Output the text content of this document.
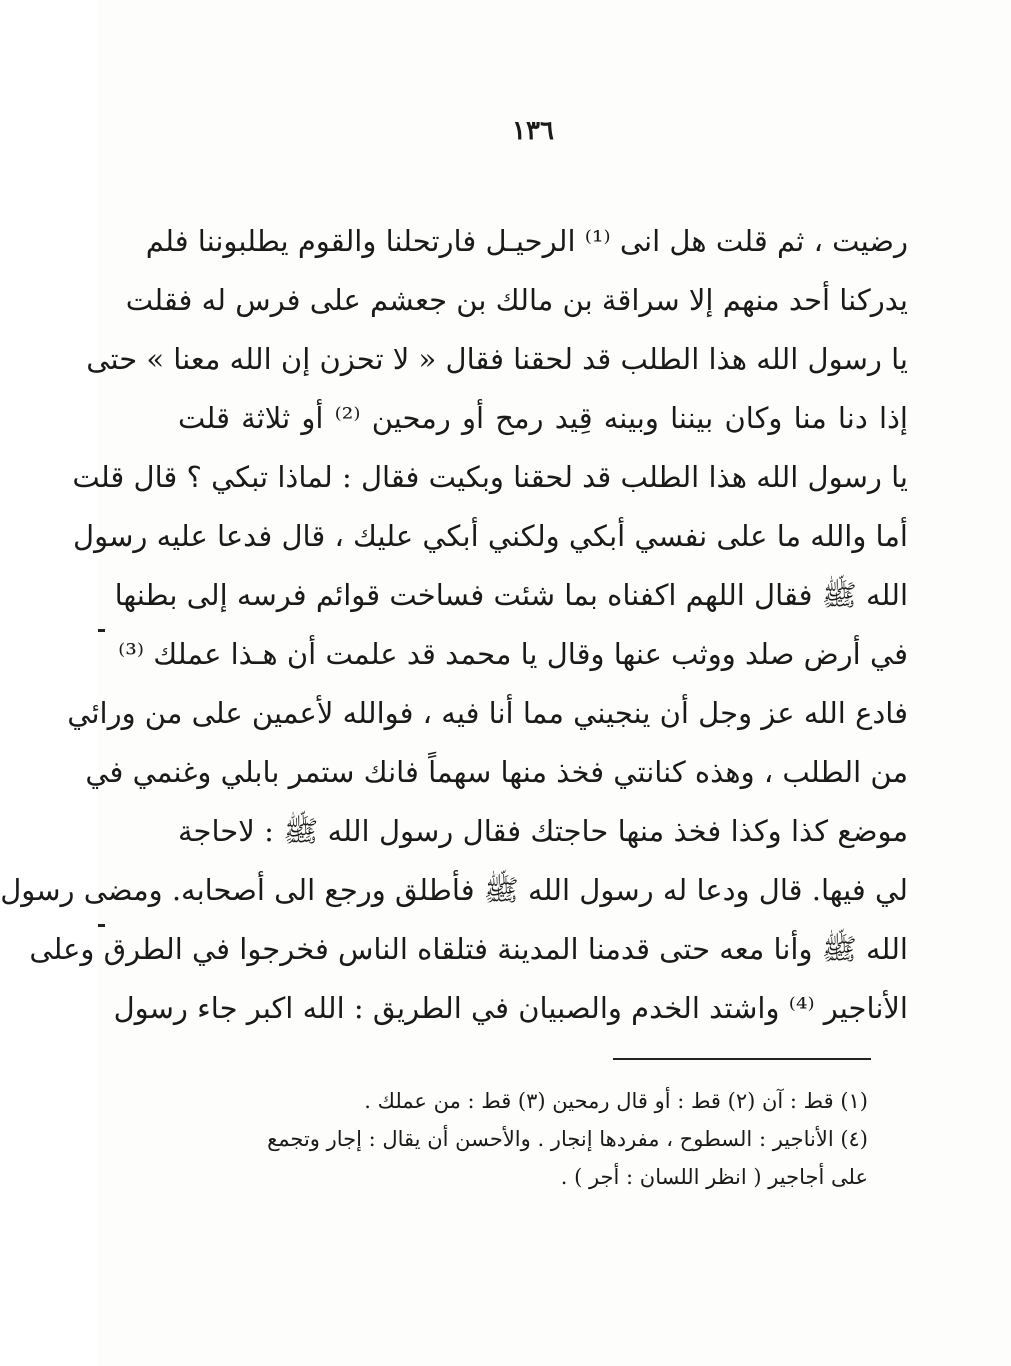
١٣٦
رضيت ، ثم قلت هل انى ⁽¹⁾ الرحيـل فارتحلنا والقوم يطلبوننا فلم
يدركنا أحد منهم إلا سراقة بن مالك بن جعشم على فرس له فقلت
يا رسول الله هذا الطلب قد لحقنا فقال « لا تحزن إن الله معنا » حتى
إذا دنا منا وكان بيننا وبينه قِيد رمح أو رمحين ⁽²⁾ أو ثلاثة قلت
يا رسول الله هذا الطلب قد لحقنا وبكيت فقال : لماذا تبكي ؟ قال قلت
أما والله ما على نفسي أبكي ولكني أبكي عليك ، قال فدعا عليه رسول
الله ﷺ فقال اللهم اكفناه بما شئت فساخت قوائم فرسه إلى بطنها
في أرض صلد ووثب عنها وقال يا محمد قد علمت أن هـذا عملك ⁽³⁾
فادع الله عز وجل أن ينجيني مما أنا فيه ، فوالله لأعمين على من ورائي
من الطلب ، وهذه كنانتي فخذ منها سهماً فانك ستمر بابلي وغنمي في
موضع كذا وكذا فخذ منها حاجتك فقال رسول الله ﷺ : لاحاجة
لي فيها. قال ودعا له رسول الله ﷺ فأطلق ورجع الى أصحابه. ومضى رسول
الله ﷺ وأنا معه حتى قدمنا المدينة فتلقاه الناس فخرجوا في الطرق وعلى
الأناجير ⁽⁴⁾ واشتد الخدم والصبيان في الطريق : الله اكبر جاء رسول
(١) قط : آن (٢) قط : أو قال رمحين (٣) قط : من عملك .
(٤) الأناجير : السطوح ، مفردها إنجار . والأحسن أن يقال : إجار وتجمع
على أجاجير ( انظر اللسان : أجر ) .
